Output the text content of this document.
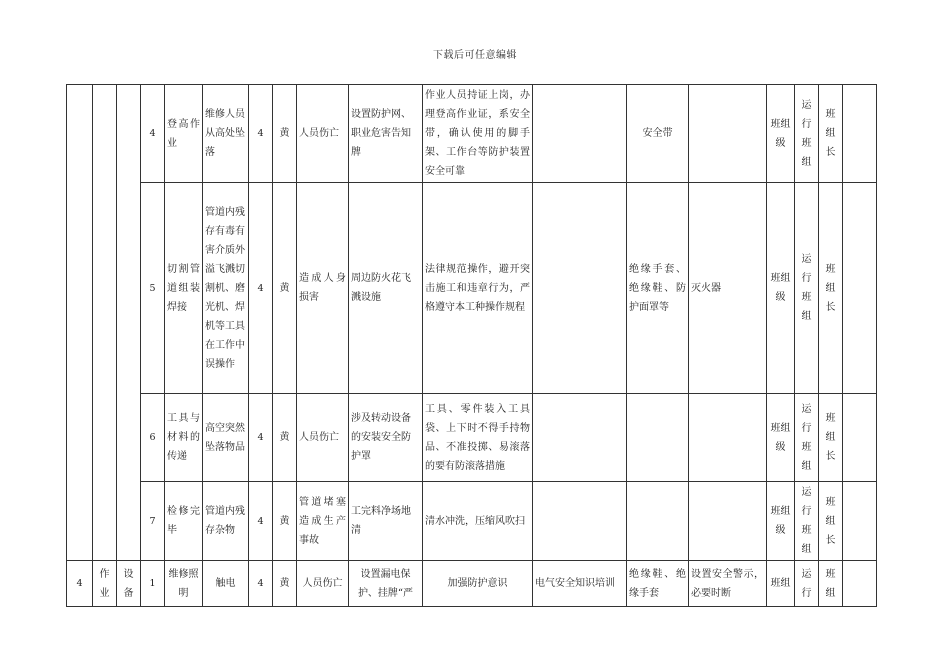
下载后可任意编辑
			4	登高作业	维修人员从高处坠落	4	黄	人员伤亡	设置防护网、职业危害告知牌	作业人员持证上岗，办理登高作业证，系安全带，确认使用的脚手架、工作台等防护装置安全可靠		安全带		班组级	运行班组	班组长	
			5	切割管道组装焊接	管道内残存有毒有害介质外溢飞溅切割机、磨光机、焊机等工具在工作中误操作	4	黄	造成人身损害	周边防火花飞溅设施	法律规范操作，避开突击施工和违章行为，严格遵守本工种操作规程		绝缘手套、绝缘鞋、防护面罩等	灭火器	班组级	运行班组	班组长	
			6	工具与材料的传递	高空突然坠落物品	4	黄	人员伤亡	涉及转动设备的安装安全防护罩	工具、零件装入工具袋、上下时不得手持物品、不准投掷、易滚落的要有防滚落措施				班组级	运行班组	班组长	
			7	检修完毕	管道内残存杂物	4	黄	管道堵塞造成生产事故	工完料净场地清	清水冲洗，压缩风吹扫				班组级	运行班组	班组长	
4	作业	设备	1	维修照明	触电	4	黄	人员伤亡	设置漏电保护、挂牌“严	加强防护意识	电气安全知识培训	绝缘鞋、绝缘手套	设置安全警示，必要时断	班组	运行	班组	
